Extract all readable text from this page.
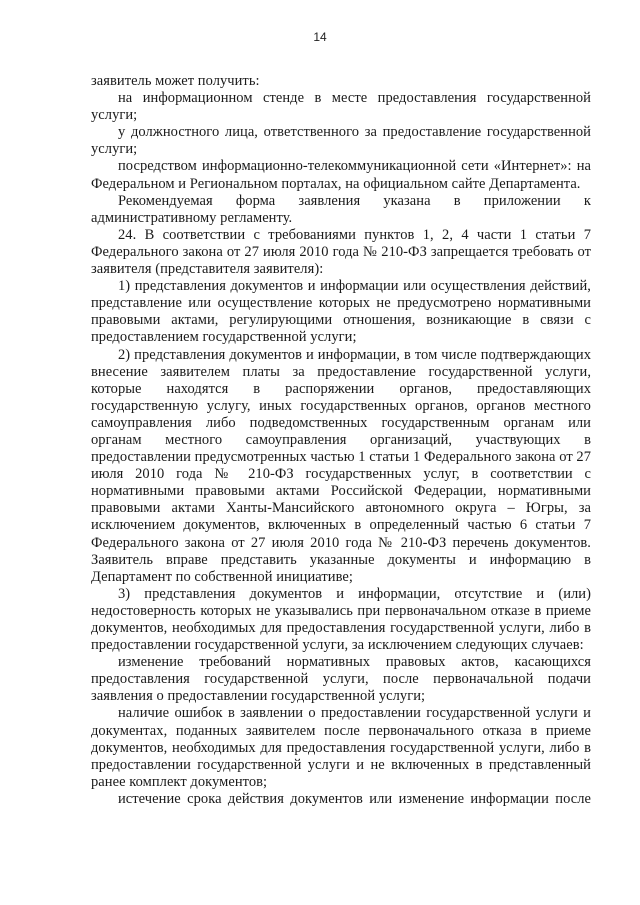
14

заявитель может получить:

на информационном стенде в месте предоставления государственной услуги;

у должностного лица, ответственного за предоставление государственной услуги;

посредством информационно-телекоммуникационной сети «Интернет»: на Федеральном и Региональном порталах, на официальном сайте Департамента.

Рекомендуемая форма заявления указана в приложении к административному регламенту.

24. В соответствии с требованиями пунктов 1, 2, 4 части 1 статьи 7 Федерального закона от 27 июля 2010 года № 210-ФЗ запрещается требовать от заявителя (представителя заявителя):

1) представления документов и информации или осуществления действий, представление или осуществление которых не предусмотрено нормативными правовыми актами, регулирующими отношения, возникающие в связи с предоставлением государственной услуги;

2) представления документов и информации, в том числе подтверждающих внесение заявителем платы за предоставление государственной услуги, которые находятся в распоряжении органов, предоставляющих государственную услугу, иных государственных органов, органов местного самоуправления либо подведомственных государственным органам или органам местного самоуправления организаций, участвующих в предоставлении предусмотренных частью 1 статьи 1 Федерального закона от 27 июля 2010 года № 210-ФЗ государственных услуг, в соответствии с нормативными правовыми актами Российской Федерации, нормативными правовыми актами Ханты-Мансийского автономного округа – Югры, за исключением документов, включенных в определенный частью 6 статьи 7 Федерального закона от 27 июля 2010 года № 210-ФЗ перечень документов. Заявитель вправе представить указанные документы и информацию в Департамент по собственной инициативе;

3) представления документов и информации, отсутствие и (или) недостоверность которых не указывались при первоначальном отказе в приеме документов, необходимых для предоставления государственной услуги, либо в предоставлении государственной услуги, за исключением следующих случаев:

изменение требований нормативных правовых актов, касающихся предоставления государственной услуги, после первоначальной подачи заявления о предоставлении государственной услуги;

наличие ошибок в заявлении о предоставлении государственной услуги и документах, поданных заявителем после первоначального отказа в приеме документов, необходимых для предоставления государственной услуги, либо в предоставлении государственной услуги и не включенных в представленный ранее комплект документов;

истечение срока действия документов или изменение информации после
